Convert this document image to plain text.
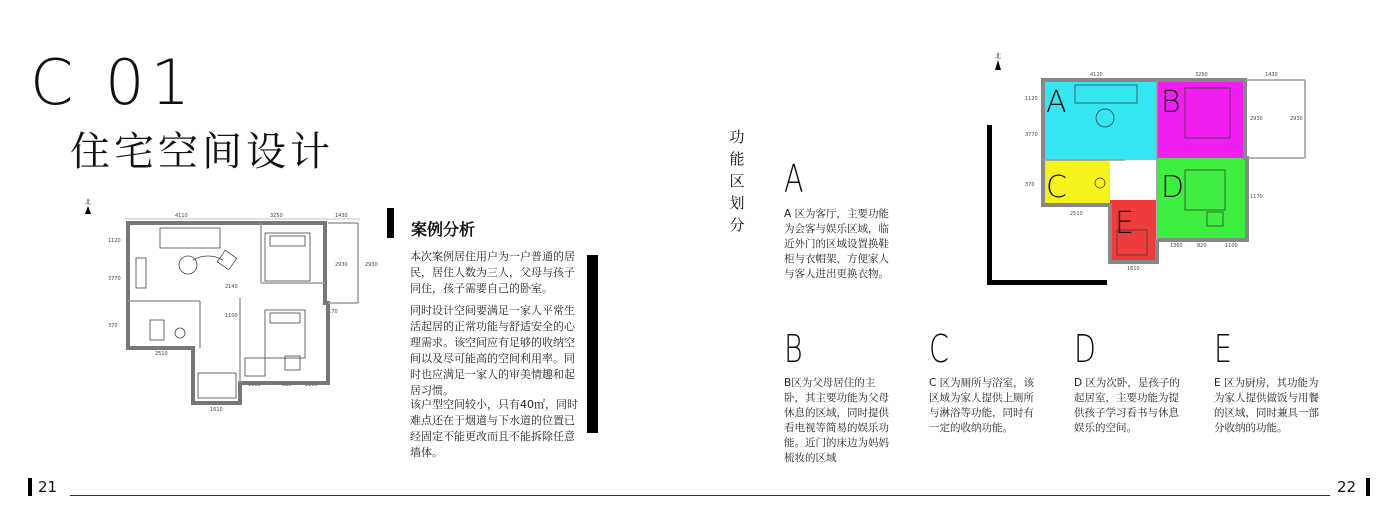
C 01
住宅空间设计
北
4110	3250	1430
1120
3770
370
2930	2930
1170
2140
1100
2510
1360	820	1100
1610
案例分析
本次案例居住用户为一户普通的居民，居住人数为三人，父母与孩子同住，孩子需要自己的卧室。
同时设计空间要满足一家人平常生活起居的正常功能与舒适安全的心理需求。该空间应有足够的收纳空间以及尽可能高的空间利用率。同时也应满足一家人的审美情趣和起居习惯。
该户型空间较小，只有40㎡，同时难点还在于烟道与下水道的位置已经固定不能更改而且不能拆除任意墙体。
功
能
区
划
分
A
A 区为客厅，主要功能为会客与娱乐区域，临近外门的区域设置换鞋柜与衣帽架，方便家人与客人进出更换衣物。
北
A	B
C	D
E
4110	3250	1430
1120
3770
370
2930	2930
1170
2510
1360	820	1100
1610
B
B区为父母居住的主卧，其主要功能为父母休息的区域，同时提供看电视等简易的娱乐功能。近门的床边为妈妈梳妆的区域
C
C 区为厕所与浴室，该区域为家人提供上厕所与淋浴等功能，同时有一定的收纳功能。
D
D 区为次卧，是孩子的起居室，主要功能为提供孩子学习看书与休息娱乐的空间。
E
E 区为厨房，其功能为为家人提供做饭与用餐的区域，同时兼具一部分收纳的功能。
21	22
